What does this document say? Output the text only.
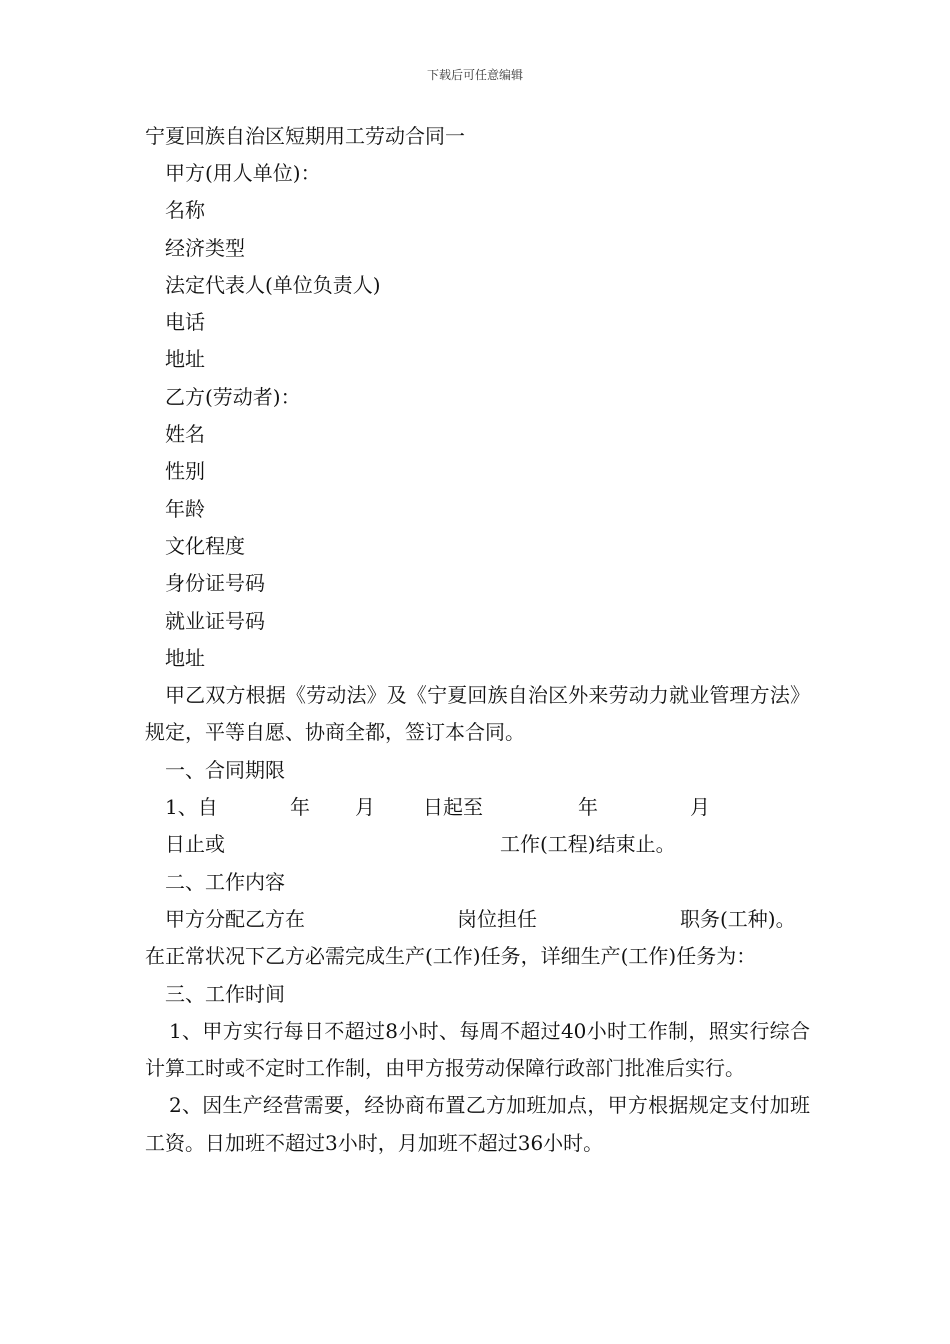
下载后可任意编辑
宁夏回族自治区短期用工劳动合同一
甲方(用人单位)：
名称
经济类型
法定代表人(单位负责人)
电话
地址
乙方(劳动者)：
姓名
性别
年龄
文化程度
身份证号码
就业证号码
地址
甲乙双方根据《劳动法》及《宁夏回族自治区外来劳动力就业管理方法》规定，平等自愿、协商全都，签订本合同。
一、合同期限
1、自	年 月 日起至	年	月
日止或	工作(工程)结束止。
二、工作内容
甲方分配乙方在	岗位担任	职务(工种)。
在正常状况下乙方必需完成生产(工作)任务，详细生产(工作)任务为：
三、工作时间
1、甲方实行每日不超过8小时、每周不超过40小时工作制，照实行综合计算工时或不定时工作制，由甲方报劳动保障行政部门批准后实行。
2、因生产经营需要，经协商布置乙方加班加点，甲方根据规定支付加班工资。日加班不超过3小时，月加班不超过36小时。
